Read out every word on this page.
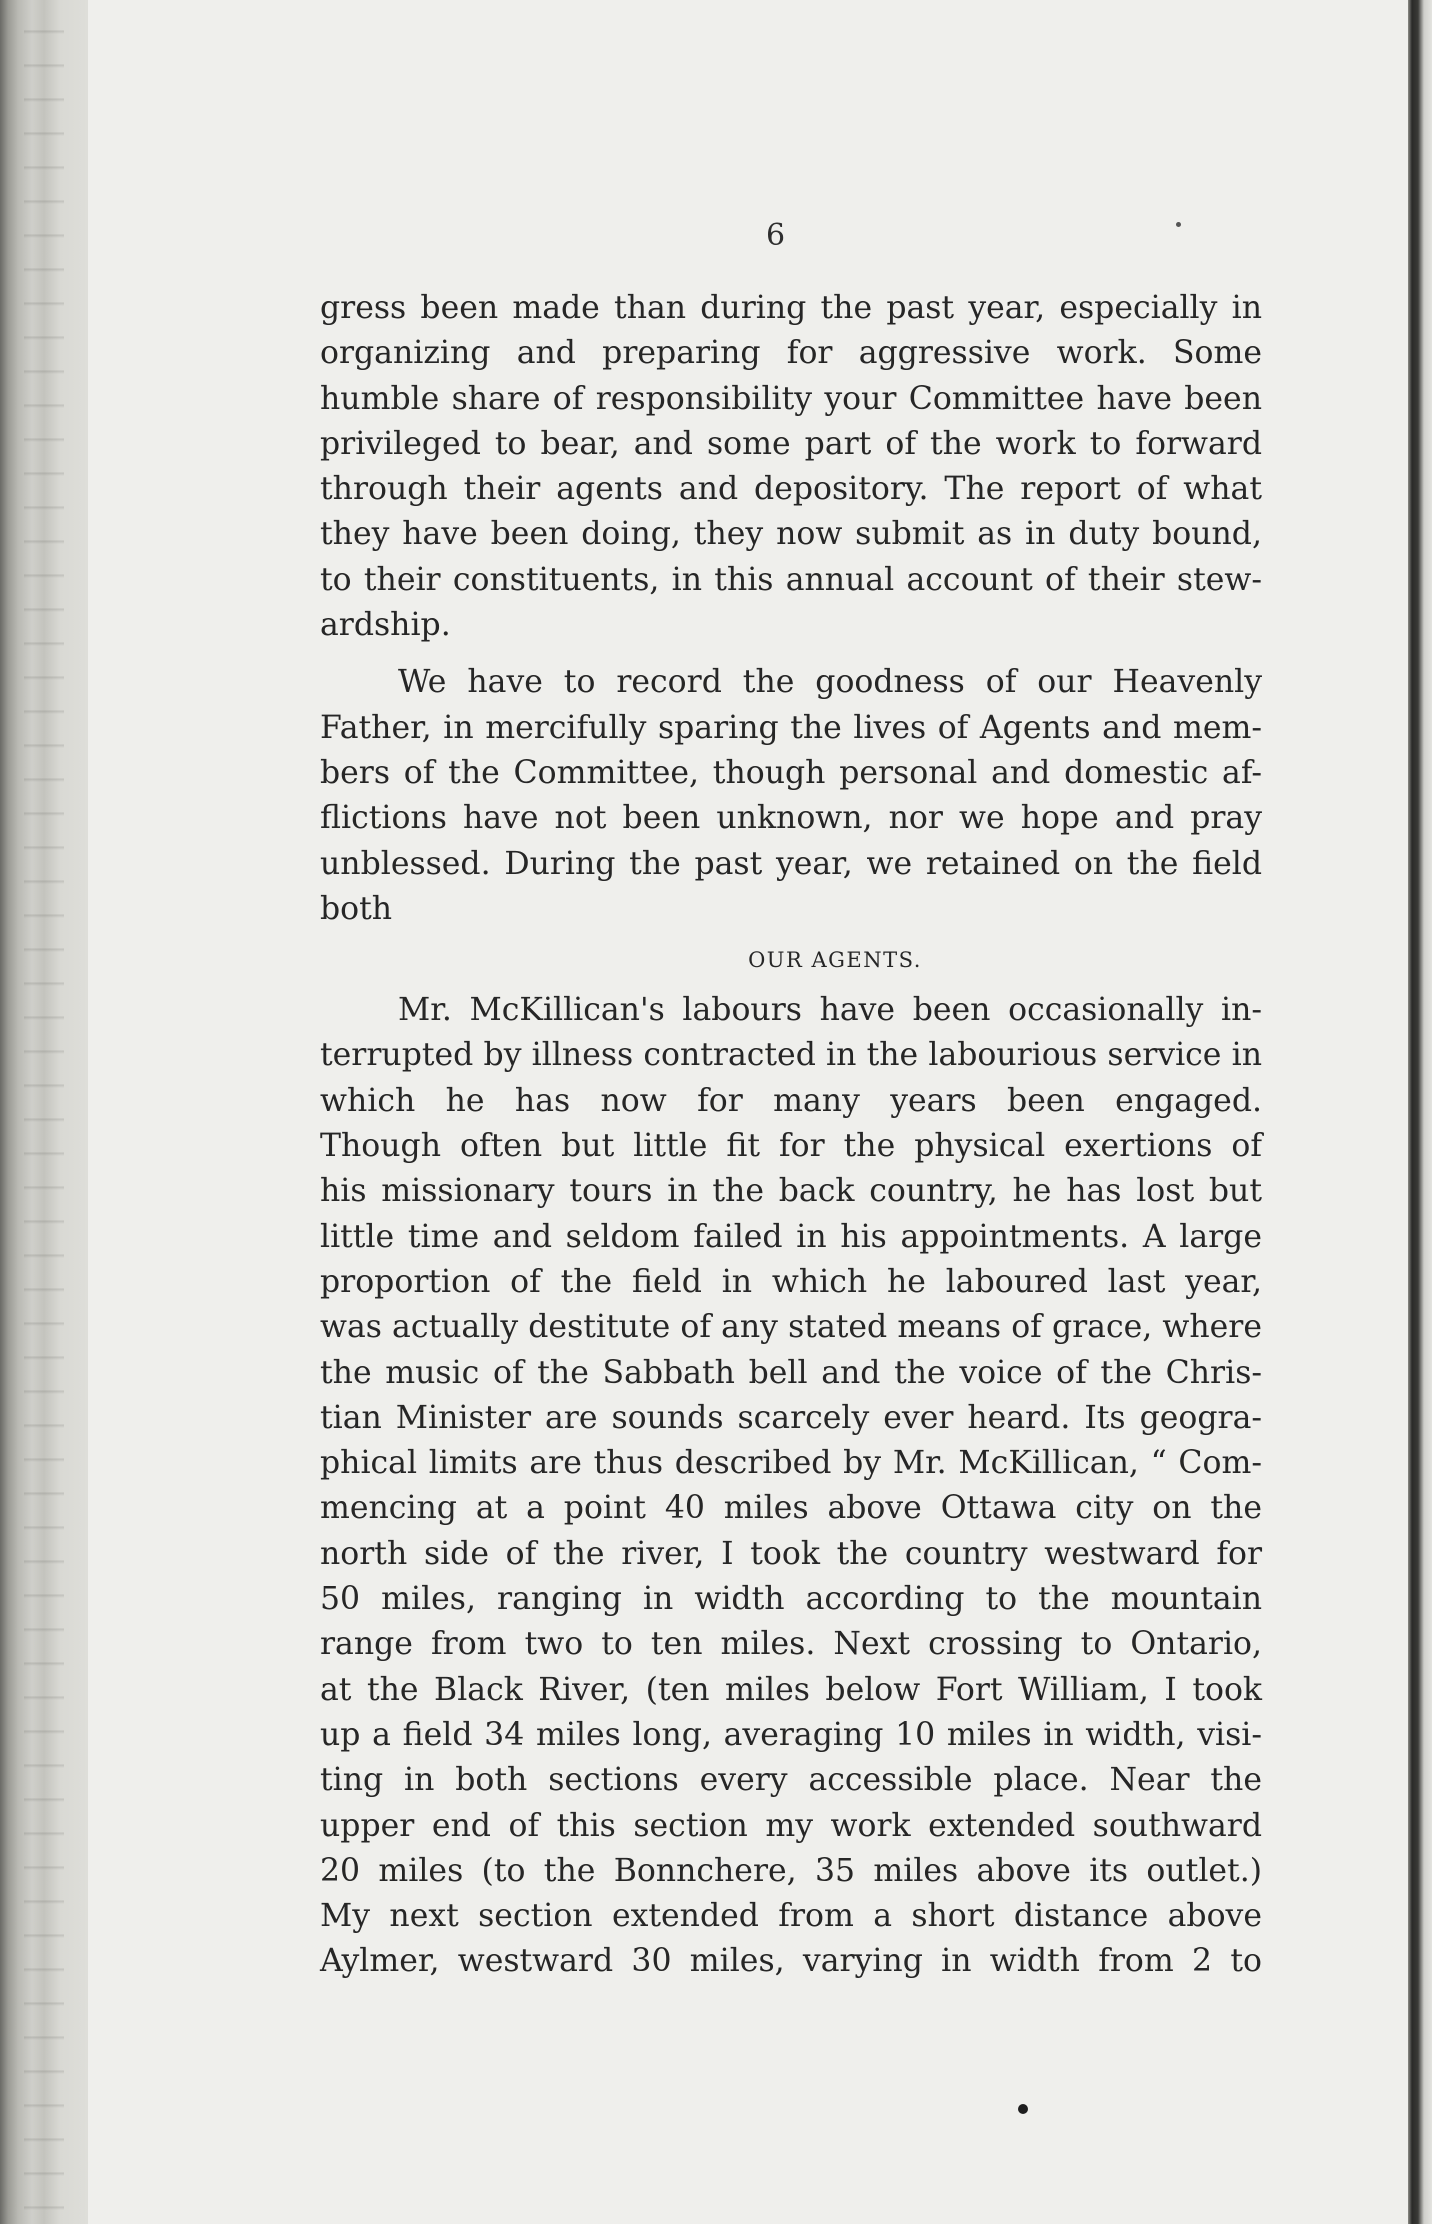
6
gress been made than during the past year, especially in
organizing and preparing for aggressive work. Some
humble share of responsibility your Committee have been
privileged to bear, and some part of the work to forward
through their agents and depository. The report of what
they have been doing, they now submit as in duty bound,
to their constituents, in this annual account of their stew-
ardship.
We have to record the goodness of our Heavenly
Father, in mercifully sparing the lives of Agents and mem-
bers of the Committee, though personal and domestic af-
flictions have not been unknown, nor we hope and pray
unblessed. During the past year, we retained on the field
both
OUR AGENTS.
Mr. McKillican's labours have been occasionally in-
terrupted by illness contracted in the labourious service in
which he has now for many years been engaged.
Though often but little fit for the physical exertions of
his missionary tours in the back country, he has lost but
little time and seldom failed in his appointments. A large
proportion of the field in which he laboured last year,
was actually destitute of any stated means of grace, where
the music of the Sabbath bell and the voice of the Chris-
tian Minister are sounds scarcely ever heard. Its geogra-
phical limits are thus described by Mr. McKillican, “ Com-
mencing at a point 40 miles above Ottawa city on the
north side of the river, I took the country westward for
50 miles, ranging in width according to the mountain
range from two to ten miles. Next crossing to Ontario,
at the Black River, (ten miles below Fort William, I took
up a field 34 miles long, averaging 10 miles in width, visi-
ting in both sections every accessible place. Near the
upper end of this section my work extended southward
20 miles (to the Bonnchere, 35 miles above its outlet.)
My next section extended from a short distance above
Aylmer, westward 30 miles, varying in width from 2 to
